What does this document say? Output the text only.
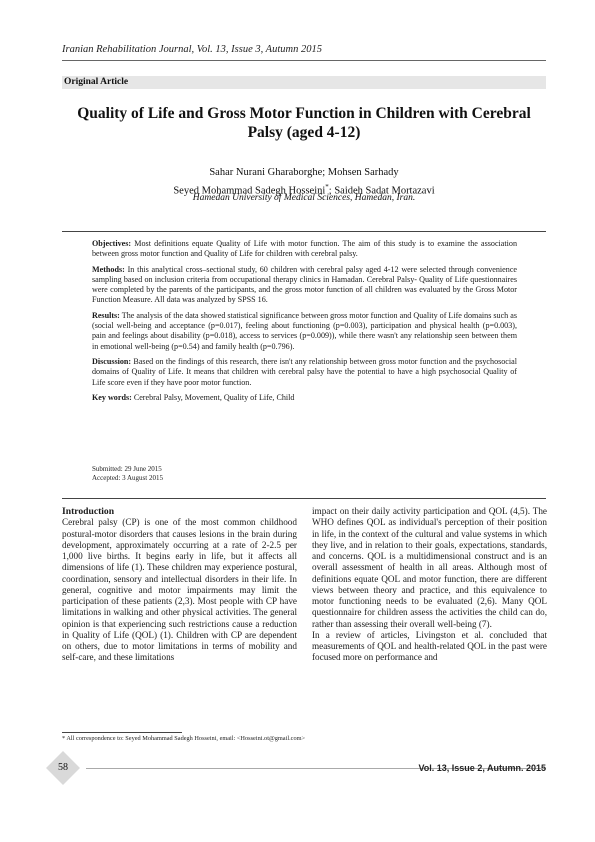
Iranian Rehabilitation Journal, Vol. 13, Issue 3, Autumn 2015
Original Article
Quality of Life and Gross Motor Function in Children with Cerebral Palsy (aged 4-12)
Sahar Nurani Gharaborghe; Mohsen Sarhady
Seyed Mohammad Sadegh Hosseini*; Saideh Sadat Mortazavi
Hamedan University of Medical Sciences, Hamedan, Iran.

Objectives: Most definitions equate Quality of Life with motor function. The aim of this study is to examine the association between gross motor function and Quality of Life for children with cerebral palsy.

Methods: In this analytical cross–sectional study, 60 children with cerebral palsy aged 4-12 were selected through convenience sampling based on inclusion criteria from occupational therapy clinics in Hamadan. Cerebral Palsy- Quality of Life questionnaires were completed by the parents of the participants, and the gross motor function of all children was evaluated by the Gross Motor Function Measure. All data was analyzed by SPSS 16.

Results: The analysis of the data showed statistical significance between gross motor function and Quality of Life domains such as (social well-being and acceptance (p=0.017), feeling about functioning (p=0.003), participation and physical health (p=0.003), pain and feelings about disability (p=0.018), access to services (p=0.009)), while there wasn't any relationship seen between them in emotional well-being (p=0.54) and family health (p=0.796).

Discussion: Based on the findings of this research, there isn't any relationship between gross motor function and the psychosocial domains of Quality of Life. It means that children with cerebral palsy have the potential to have a high psychosocial Quality of Life score even if they have poor motor function.

Key words: Cerebral Palsy, Movement, Quality of Life, Child

Submitted: 29 June 2015
Accepted: 3 August 2015
Introduction

Cerebral palsy (CP) is one of the most common childhood postural-motor disorders that causes lesions in the brain during development, approximately occurring at a rate of 2-2.5 per 1,000 live births. It begins early in life, but it affects all dimensions of life (1). These children may experience postural, coordination, sensory and intellectual disorders in their life. In general, cognitive and motor impairments may limit the participation of these patients (2,3). Most people with CP have limitations in walking and other physical activities. The general opinion is that experiencing such restrictions cause a reduction in Quality of Life (QOL) (1). Children with CP are dependent on others, due to motor limitations in terms of mobility and self-care, and these limitations

impact on their daily activity participation and QOL (4,5). The WHO defines QOL as individual's perception of their position in life, in the context of the cultural and value systems in which they live, and in relation to their goals, expectations, standards, and concerns. QOL is a multidimensional construct and is an overall assessment of health in all areas. Although most of definitions equate QOL and motor function, there are different views between theory and practice, and this equivalence to motor functioning needs to be evaluated (2,6). Many QOL questionnaire for children assess the activities the child can do, rather than assessing their overall well-being (7).

In a review of articles, Livingston et al. concluded that measurements of QOL and health-related QOL in the past were focused more on performance and

* All correspondence to: Seyed Mohammad Sadegh Hosseini, email: <Hosseini.ot@gmail.com>
58	Vol. 13, Issue 2, Autumn. 2015
